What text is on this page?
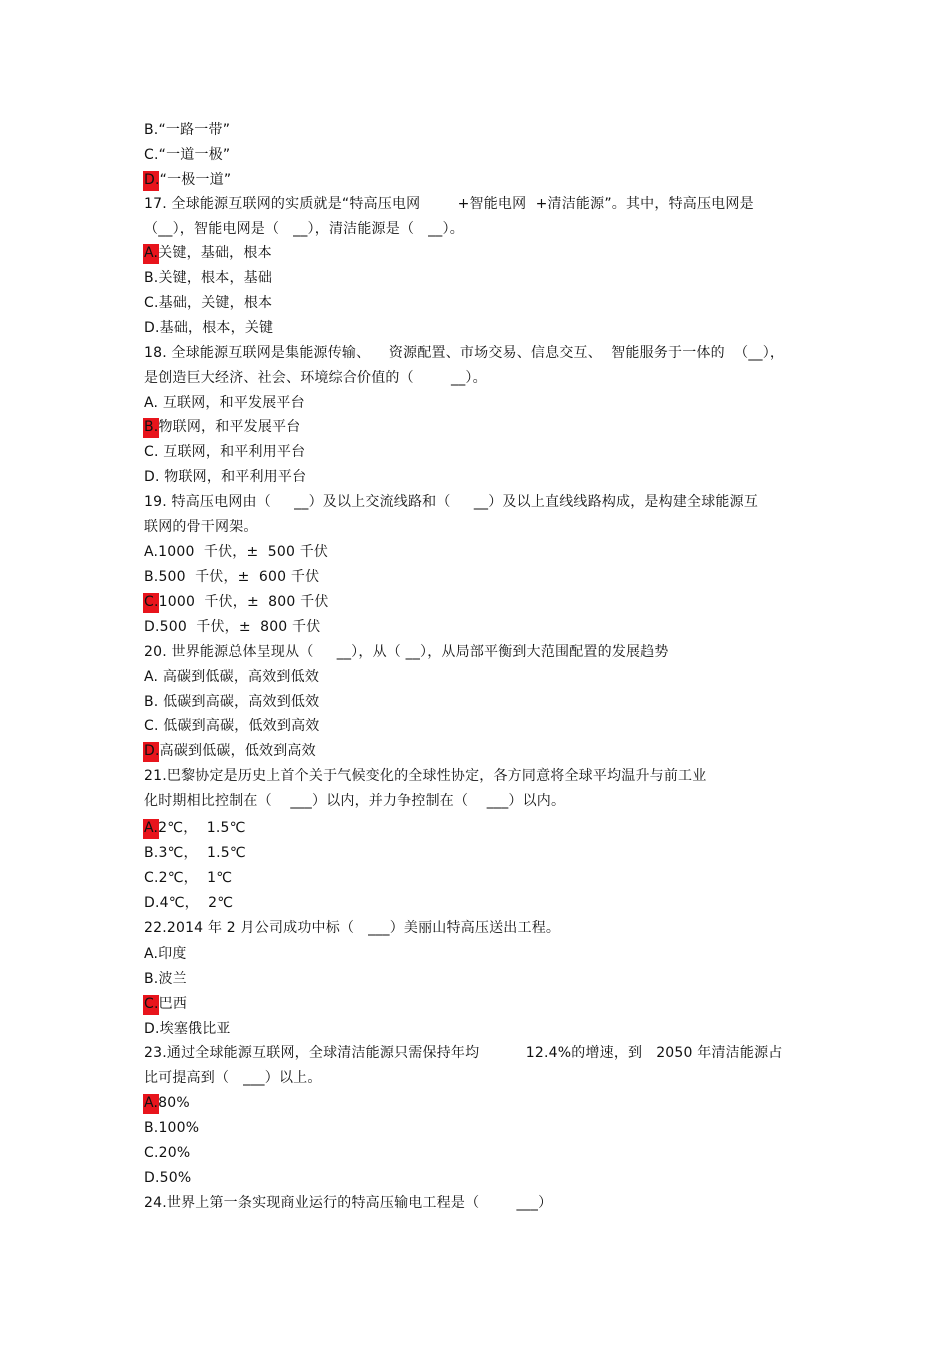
B.“一路一带”
C.“一道一极”
D.“一极一道”
17. 全球能源互联网的实质就是“特高压电网        +智能电网  +清洁能源”。其中，特高压电网是
（__），智能电网是（   __），清洁能源是（   __）。
A.关键，基础，根本
B.关键，根本，基础
C.基础，关键，根本
D.基础，根本，关键
18. 全球能源互联网是集能源传输、    资源配置、市场交易、信息交互、  智能服务于一体的  （__），
是创造巨大经济、社会、环境综合价值的（        __）。
A. 互联网，和平发展平台
B.物联网，和平发展平台
C. 互联网，和平利用平台
D. 物联网，和平利用平台
19. 特高压电网由（     __）及以上交流线路和（     __）及以上直线线路构成，是构建全球能源互
联网的骨干网架。
A.1000  千伏，±  500 千伏
B.500  千伏，±  600 千伏
C.1000  千伏，±  800 千伏
D.500  千伏，±  800 千伏
20. 世界能源总体呈现从（     __），从（ __），从局部平衡到大范围配置的发展趋势
A. 高碳到低碳，高效到低效
B. 低碳到高碳，高效到低效
C. 低碳到高碳，低效到高效
D.高碳到低碳，低效到高效
21.巴黎协定是历史上首个关于气候变化的全球性协定，各方同意将全球平均温升与前工业
化时期相比控制在（    ___）以内，并力争控制在（    ___）以内。
A.2℃，  1.5℃
B.3℃，  1.5℃
C.2℃，  1℃
D.4℃，  2℃
22.2014 年 2 月公司成功中标（   ___）美丽山特高压送出工程。
A.印度
B.波兰
C.巴西
D.埃塞俄比亚
23.通过全球能源互联网，全球清洁能源只需保持年均          12.4%的增速，到   2050 年清洁能源占
比可提高到（   ___）以上。
A.80%
B.100%
C.20%
D.50%
24.世界上第一条实现商业运行的特高压输电工程是（        ___）
